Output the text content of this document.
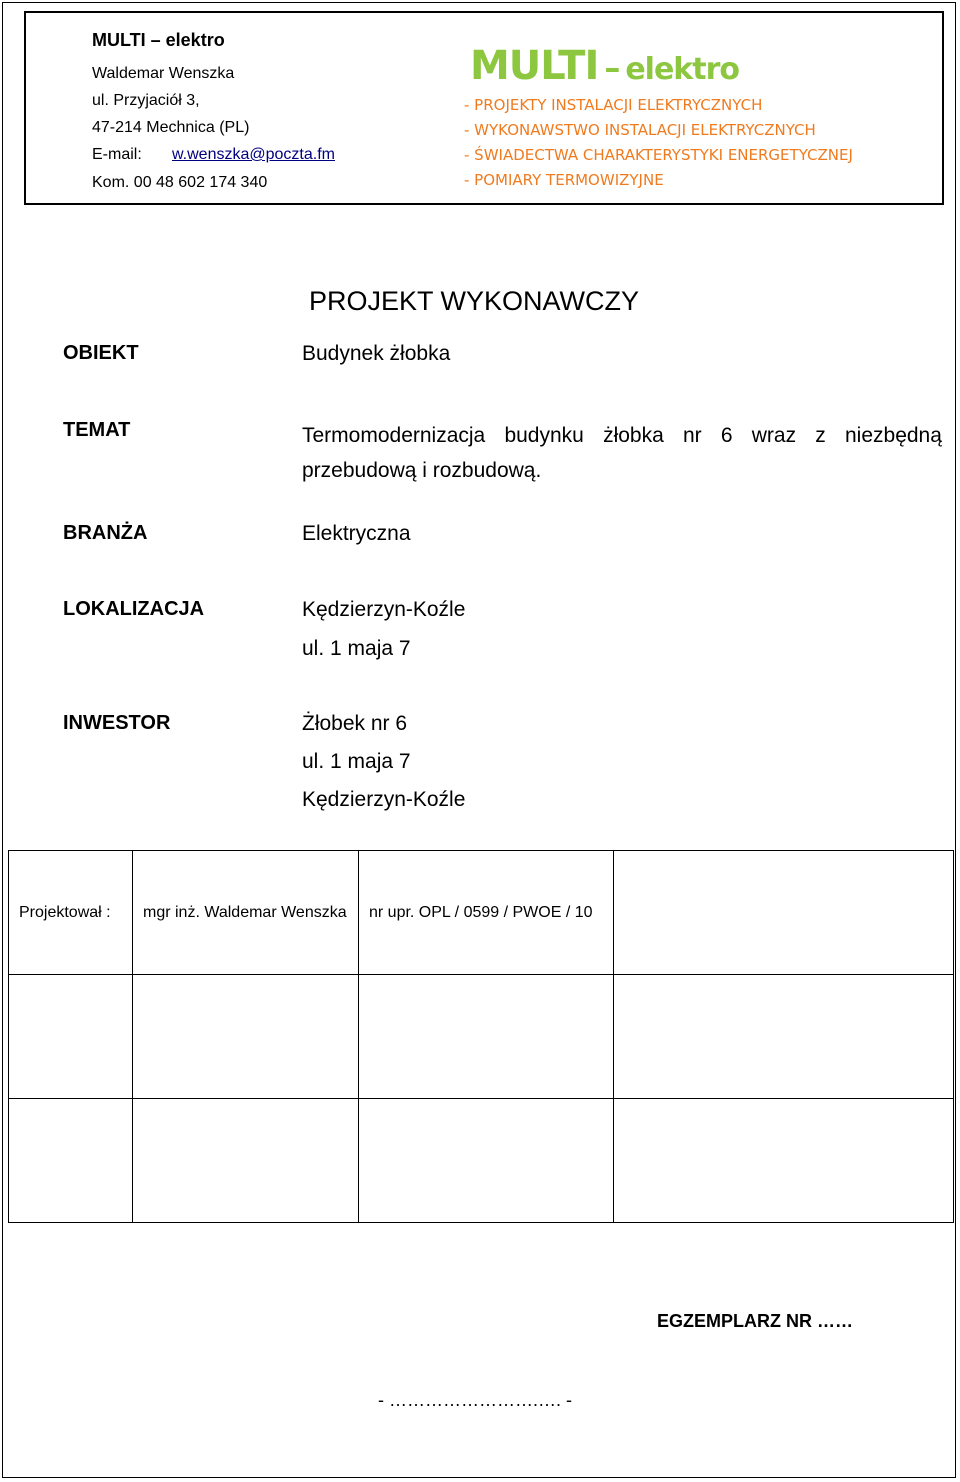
MULTI – elektro
Waldemar Wenszka
ul. Przyjaciół 3,
47-214 Mechnica (PL)
E-mail: w.wenszka@poczta.fm
Kom. 00 48 602 174 340
MULTI – elektro
- PROJEKTY INSTALACJI ELEKTRYCZNYCH
- WYKONAWSTWO INSTALACJI ELEKTRYCZNYCH
- ŚWIADECTWA CHARAKTERYSTYKI ENERGETYCZNEJ
- POMIARY TERMOWIZYJNE
PROJEKT WYKONAWCZY
OBIEKT	Budynek żłobka
TEMAT	Termomodernizacja budynku żłobka nr 6 wraz z niezbędną
przebudową i rozbudową.
BRANŻA	Elektryczna
LOKALIZACJA	Kędzierzyn-Koźle
ul. 1 maja 7
INWESTOR	Żłobek nr 6
ul. 1 maja 7
Kędzierzyn-Koźle
Projektował :	mgr inż. Waldemar Wenszka	nr upr. OPL / 0599 / PWOE / 10	

EGZEMPLARZ NR ……
- …………………….…. -
